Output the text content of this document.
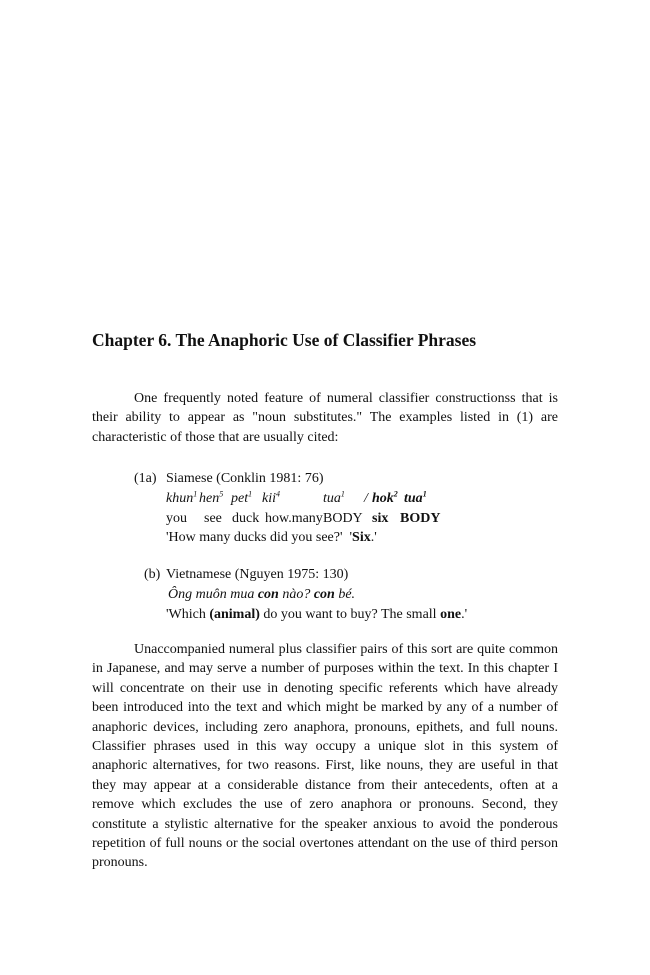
Chapter 6. The Anaphoric Use of Classifier Phrases

One frequently noted feature of numeral classifier constructionss that is their ability to appear as "noun substitutes." The examples listed in (1) are characteristic of those that are usually cited:

(1a) Siamese (Conklin 1981: 76)
khun$^1$ hen$^5$ pet$^1$ kii$^4$	tua$^1$ / hok$^2$ tua$^1$
you see duck how.many BODY six BODY
'How many ducks did you see?' 'Six.'
(b) Vietnamese (Nguyen 1975: 130)
Ông muôn mua con nào? con bé.
'Which (animal) do you want to buy? The small one.'

Unaccompanied numeral plus classifier pairs of this sort are quite common in Japanese, and may serve a number of purposes within the text. In this chapter I will concentrate on their use in denoting specific referents which have already been introduced into the text and which might be marked by any of a number of anaphoric devices, including zero anaphora, pronouns, epithets, and full nouns. Classifier phrases used in this way occupy a unique slot in this system of anaphoric alternatives, for two reasons. First, like nouns, they are useful in that they may appear at a considerable distance from their antecedents, often at a remove which excludes the use of zero anaphora or pronouns. Second, they constitute a stylistic alternative for the speaker anxious to avoid the ponderous repetition of full nouns or the social overtones attendant on the use of third person pronouns.
